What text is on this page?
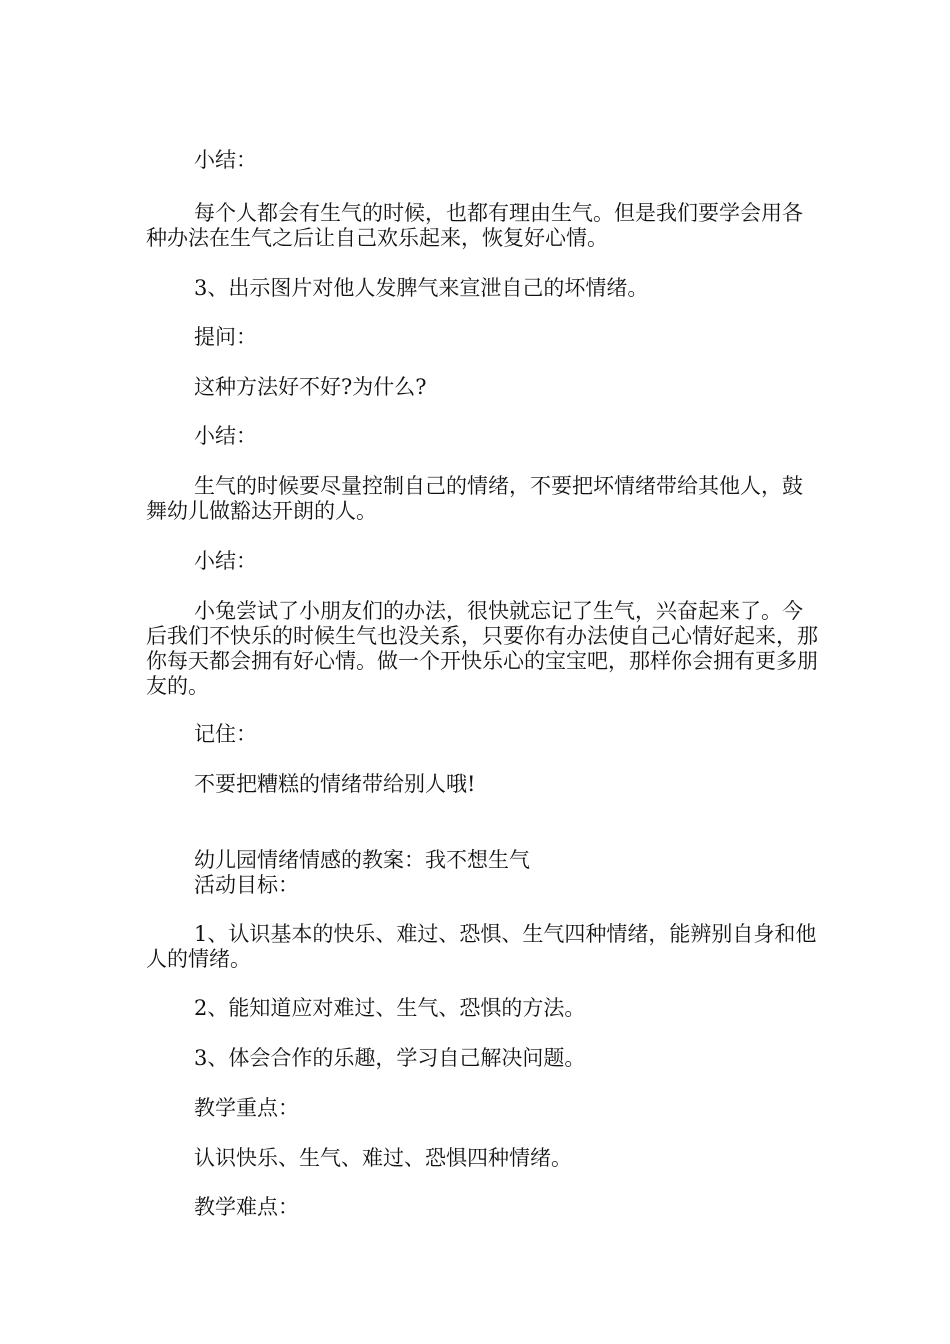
小结：

每个人都会有生气的时候，也都有理由生气。但是我们要学会用各种办法在生气之后让自己欢乐起来，恢复好心情。

3、出示图片对他人发脾气来宣泄自己的坏情绪。

提问：

这种方法好不好?为什么?

小结：

生气的时候要尽量控制自己的情绪，不要把坏情绪带给其他人，鼓舞幼儿做豁达开朗的人。

小结：

小兔尝试了小朋友们的办法，很快就忘记了生气，兴奋起来了。今后我们不快乐的时候生气也没关系，只要你有办法使自己心情好起来，那你每天都会拥有好心情。做一个开快乐心的宝宝吧，那样你会拥有更多朋友的。

记住：

不要把糟糕的情绪带给别人哦!

幼儿园情绪情感的教案：我不想生气

活动目标：

1、认识基本的快乐、难过、恐惧、生气四种情绪，能辨别自身和他人的情绪。

2、能知道应对难过、生气、恐惧的方法。

3、体会合作的乐趣，学习自己解决问题。

教学重点：

认识快乐、生气、难过、恐惧四种情绪。

教学难点：
